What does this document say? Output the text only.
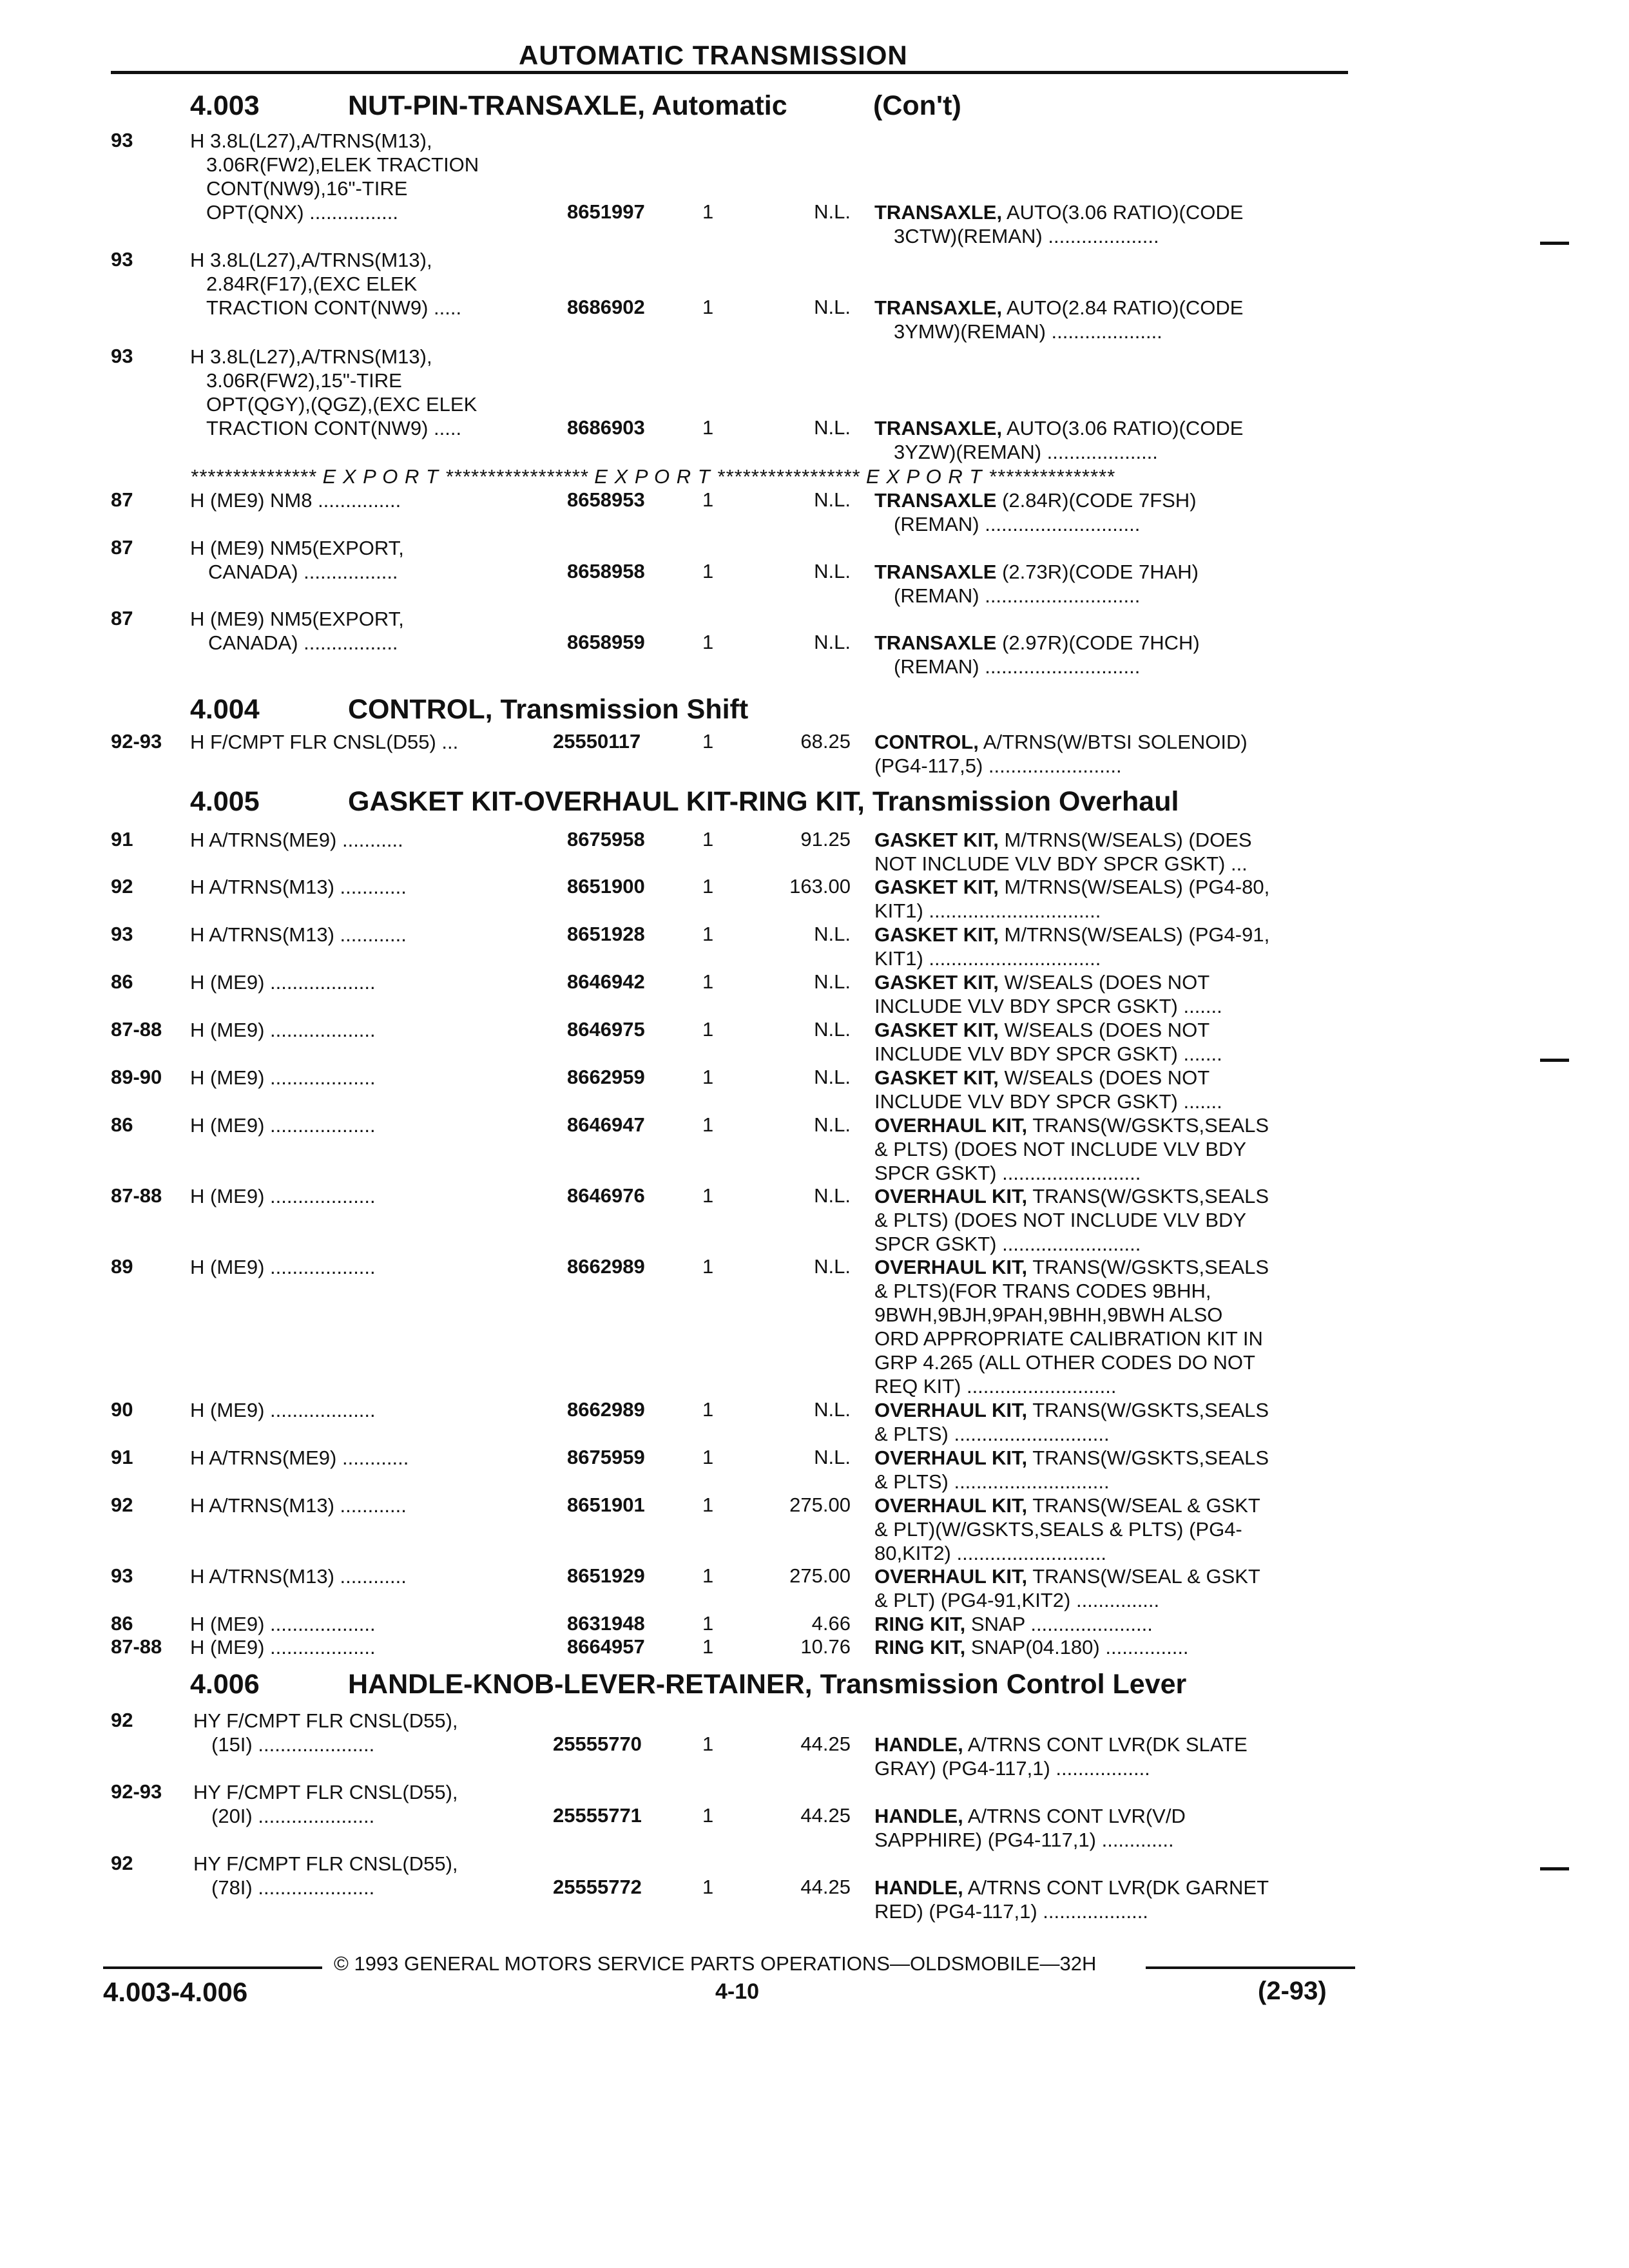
AUTOMATIC TRANSMISSION
4.003	NUT-PIN-TRANSAXLE, Automatic	(Con't)
93	H 3.8L(L27),A/TRNS(M13),
3.06R(FW2),ELEK TRACTION
CONT(NW9),16"-TIRE
OPT(QNX) ................	8651997	1	N.L. TRANSAXLE, AUTO(3.06 RATIO)(CODE
3CTW)(REMAN) ....................
93	H 3.8L(L27),A/TRNS(M13),
2.84R(F17),(EXC ELEK
TRACTION CONT(NW9) .....	8686902	1	N.L. TRANSAXLE, AUTO(2.84 RATIO)(CODE
3YMW)(REMAN) ....................
93	H 3.8L(L27),A/TRNS(M13),
3.06R(FW2),15"-TIRE
OPT(QGY),(QGZ),(EXC ELEK
TRACTION CONT(NW9) .....	8686903	1	N.L. TRANSAXLE, AUTO(3.06 RATIO)(CODE
3YZW)(REMAN) ....................
87	H (ME9) NM8 ...............	8658953	1	N.L. TRANSAXLE (2.84R)(CODE 7FSH)
(REMAN) ............................
87	H (ME9) NM5(EXPORT,
CANADA) .................	8658958	1	N.L. TRANSAXLE (2.73R)(CODE 7HAH)
(REMAN) ............................
87	H (ME9) NM5(EXPORT,
CANADA) .................	8658959	1	N.L. TRANSAXLE (2.97R)(CODE 7HCH)
(REMAN) ............................
92-93 H F/CMPT FLR CNSL(D55) ...	25550117	1	68.25 CONTROL, A/TRNS(W/BTSI SOLENOID)
(PG4-117,5) ........................
91	H A/TRNS(ME9) ...........	8675958	1	91.25 GASKET KIT, M/TRNS(W/SEALS) (DOES
NOT INCLUDE VLV BDY SPCR GSKT) ...
92	H A/TRNS(M13) ............	8651900	1	163.00 GASKET KIT, M/TRNS(W/SEALS) (PG4-80,
KIT1) ...............................
93	H A/TRNS(M13) ............	8651928	1	N.L. GASKET KIT, M/TRNS(W/SEALS) (PG4-91,
KIT1) ...............................
86	H (ME9) ...................	8646942	1	N.L. GASKET KIT, W/SEALS (DOES NOT
INCLUDE VLV BDY SPCR GSKT) .......
87-88 H (ME9) ...................	8646975	1	N.L. GASKET KIT, W/SEALS (DOES NOT
INCLUDE VLV BDY SPCR GSKT) .......
89-90 H (ME9) ...................	8662959	1	N.L. GASKET KIT, W/SEALS (DOES NOT
INCLUDE VLV BDY SPCR GSKT) .......
86	H (ME9) ...................	8646947	1	N.L. OVERHAUL KIT, TRANS(W/GSKTS,SEALS
& PLTS) (DOES NOT INCLUDE VLV BDY
SPCR GSKT) .........................
87-88 H (ME9) ...................	8646976	1	N.L. OVERHAUL KIT, TRANS(W/GSKTS,SEALS
& PLTS) (DOES NOT INCLUDE VLV BDY
SPCR GSKT) .........................
89	H (ME9) ...................	8662989	1	N.L. OVERHAUL KIT, TRANS(W/GSKTS,SEALS
& PLTS)(FOR TRANS CODES 9BHH,
9BWH,9BJH,9PAH,9BHH,9BWH ALSO
ORD APPROPRIATE CALIBRATION KIT IN
GRP 4.265 (ALL OTHER CODES DO NOT
REQ KIT) ...........................
90	H (ME9) ...................	8662989	1	N.L. OVERHAUL KIT, TRANS(W/GSKTS,SEALS
& PLTS) ............................
91	H A/TRNS(ME9) ............	8675959	1	N.L. OVERHAUL KIT, TRANS(W/GSKTS,SEALS
& PLTS) ............................
92	H A/TRNS(M13) ............	8651901	1	275.00 OVERHAUL KIT, TRANS(W/SEAL & GSKT
& PLT)(W/GSKTS,SEALS & PLTS) (PG4-
80,KIT2) ...........................
93	H A/TRNS(M13) ............	8651929	1	275.00 OVERHAUL KIT, TRANS(W/SEAL & GSKT
& PLT) (PG4-91,KIT2) ...............
86	H (ME9) ...................	8631948	1	4.66 RING KIT, SNAP ......................
87-88 H (ME9) ...................	8664957	1	10.76 RING KIT, SNAP(04.180) ...............
92	HY F/CMPT FLR CNSL(D55),
(15I) .....................	25555770	1	44.25 HANDLE, A/TRNS CONT LVR(DK SLATE
GRAY) (PG4-117,1) .................
92-93 HY F/CMPT FLR CNSL(D55),
(20I) .....................	25555771	1	44.25 HANDLE, A/TRNS CONT LVR(V/D
SAPPHIRE) (PG4-117,1) .............
92	HY F/CMPT FLR CNSL(D55),
(78I) .....................	25555772	1	44.25 HANDLE, A/TRNS CONT LVR(DK GARNET
RED) (PG4-117,1) ...................
*************** E X P O R T ***************** E X P O R T ***************** E X P O R T ***************
4.004	CONTROL, Transmission Shift
4.005	GASKET KIT-OVERHAUL KIT-RING KIT, Transmission Overhaul
4.006	HANDLE-KNOB-LEVER-RETAINER, Transmission Control Lever
© 1993 GENERAL MOTORS SERVICE PARTS OPERATIONS—OLDSMOBILE—32H
4.003-4.006	4-10	(2-93)
